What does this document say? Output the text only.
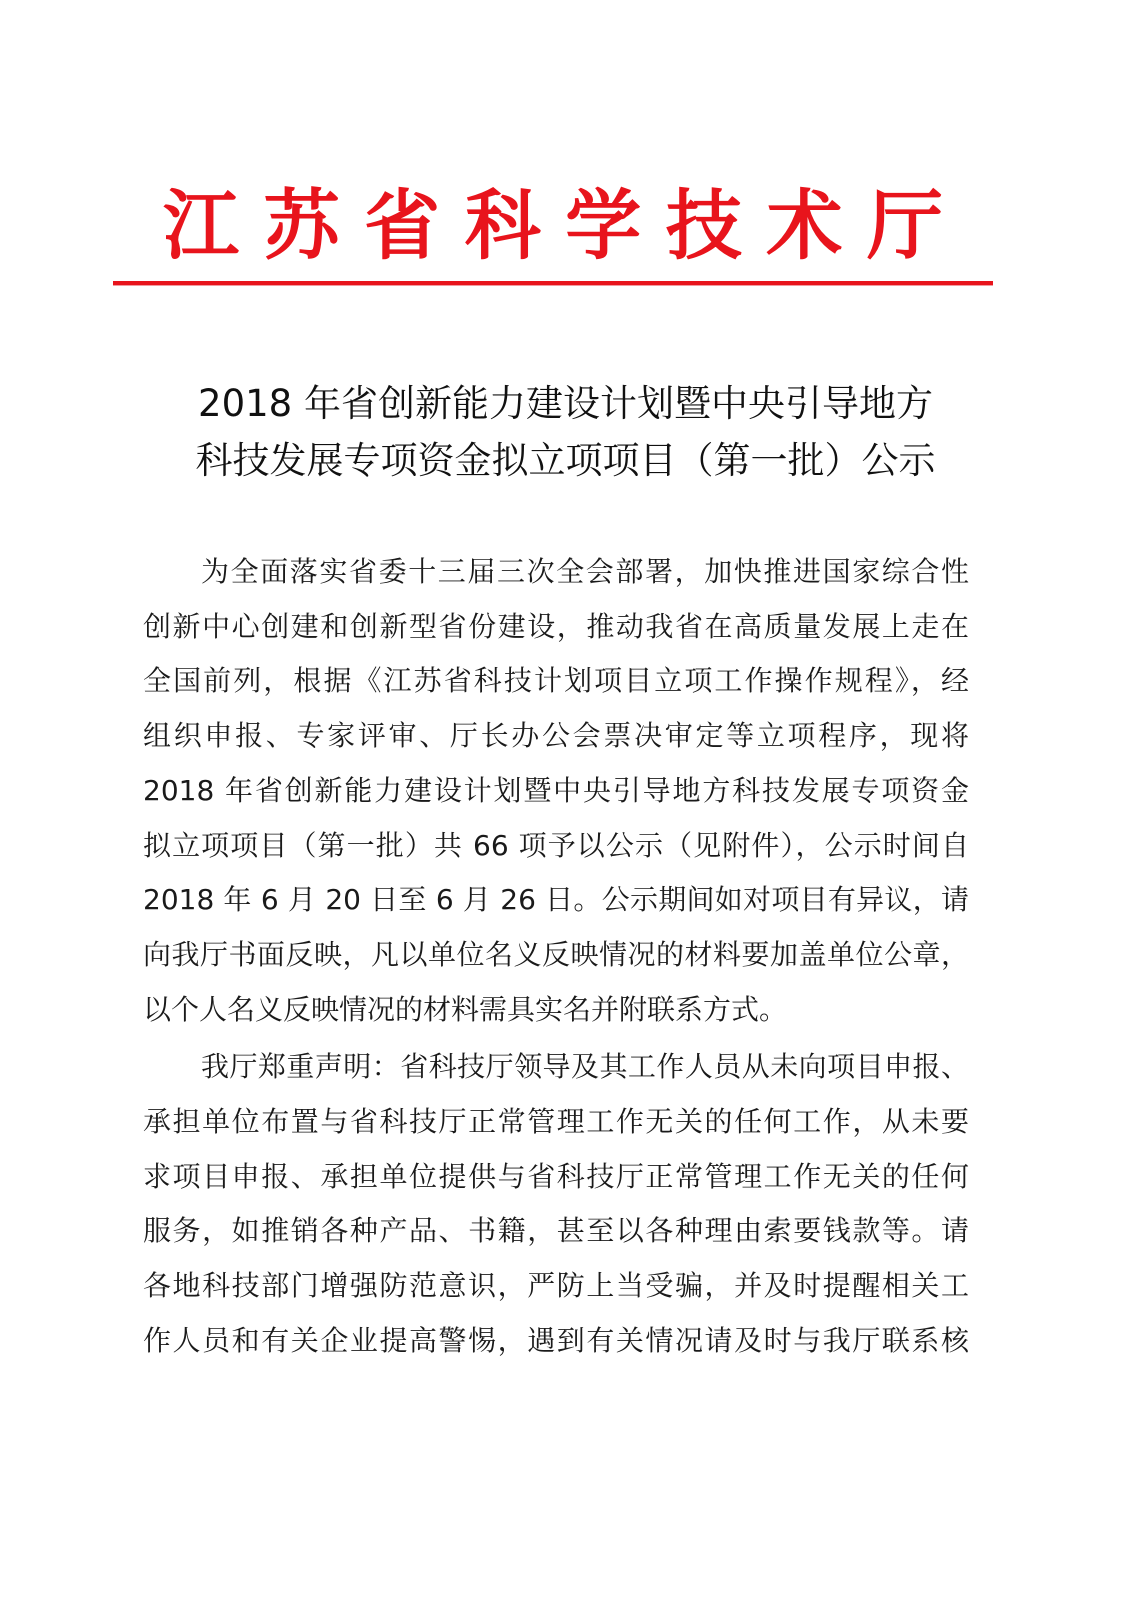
江 苏 省 科 学 技 术 厅
2018 年省创新能力建设计划暨中央引导地方
科技发展专项资金拟立项项目（第一批）公示
为全面落实省委十三届三次全会部署，加快推进国家综合性
创新中心创建和创新型省份建设，推动我省在高质量发展上走在
全国前列，根据《江苏省科技计划项目立项工作操作规程》，经
组织申报、专家评审、厅长办公会票决审定等立项程序，现将
2018 年省创新能力建设计划暨中央引导地方科技发展专项资金
拟立项项目（第一批）共 66 项予以公示（见附件），公示时间自
2018 年 6 月 20 日至 6 月 26 日。公示期间如对项目有异议，请
向我厅书面反映，凡以单位名义反映情况的材料要加盖单位公章，
以个人名义反映情况的材料需具实名并附联系方式。
我厅郑重声明：省科技厅领导及其工作人员从未向项目申报、
承担单位布置与省科技厅正常管理工作无关的任何工作，从未要
求项目申报、承担单位提供与省科技厅正常管理工作无关的任何
服务，如推销各种产品、书籍，甚至以各种理由索要钱款等。请
各地科技部门增强防范意识，严防上当受骗，并及时提醒相关工
作人员和有关企业提高警惕，遇到有关情况请及时与我厅联系核
